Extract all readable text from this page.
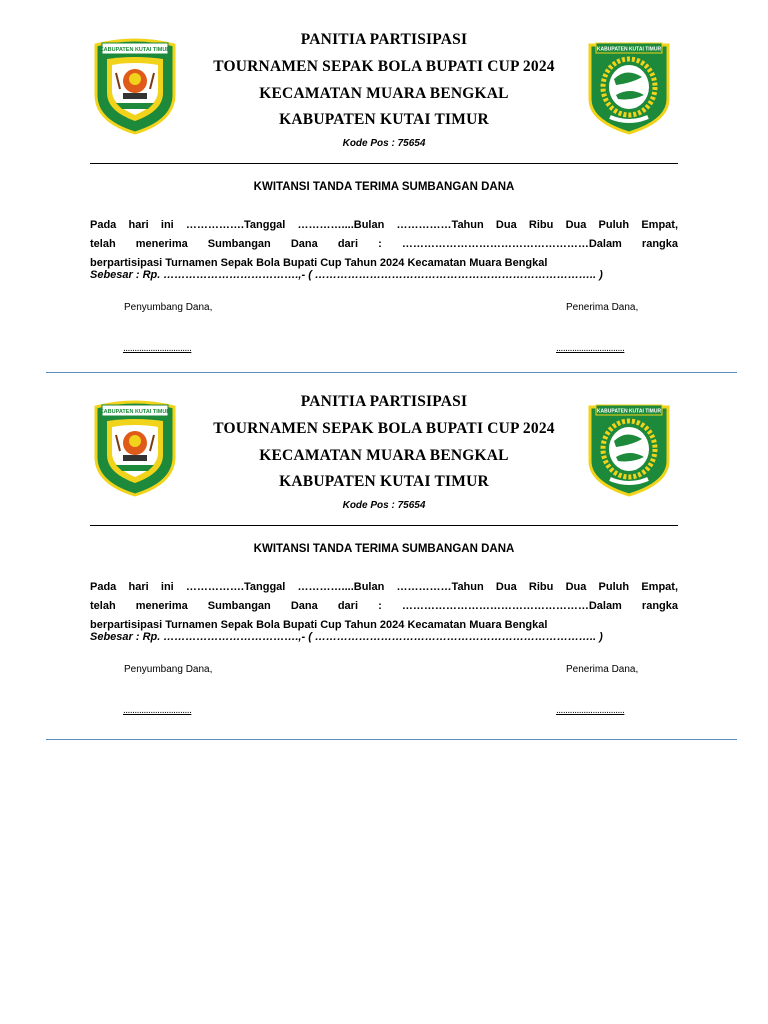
KABUPATEN KUTAI TIMUR	KABUPATEN KUTAI TIMUR
PANITIA PARTISIPASI
TOURNAMEN SEPAK BOLA BUPATI CUP 2024
KECAMATAN MUARA BENGKAL
KABUPATEN KUTAI TIMUR
Kode Pos : 75654
KWITANSI TANDA TERIMA SUMBANGAN DANA
Pada hari ini …………….Tanggal …………....Bulan ……………Tahun Dua Ribu Dua Puluh Empat,
telah menerima Sumbangan Dana dari : ……………………………………………Dalam rangka
berpartisipasi Turnamen Sepak Bola Bupati Cup Tahun 2024 Kecamatan Muara Bengkal
Sebesar : Rp. ……………………………….,- ( ………………………………………………………………….. )
Penyumbang Dana,	Penerima Dana,
..............................	..............................
KABUPATEN KUTAI TIMUR	KABUPATEN KUTAI TIMUR
PANITIA PARTISIPASI
TOURNAMEN SEPAK BOLA BUPATI CUP 2024
KECAMATAN MUARA BENGKAL
KABUPATEN KUTAI TIMUR
Kode Pos : 75654
KWITANSI TANDA TERIMA SUMBANGAN DANA
Pada hari ini …………….Tanggal …………....Bulan ……………Tahun Dua Ribu Dua Puluh Empat,
telah menerima Sumbangan Dana dari : ……………………………………………Dalam rangka
berpartisipasi Turnamen Sepak Bola Bupati Cup Tahun 2024 Kecamatan Muara Bengkal
Sebesar : Rp. ……………………………….,- ( ………………………………………………………………….. )
Penyumbang Dana,	Penerima Dana,
..............................	..............................
